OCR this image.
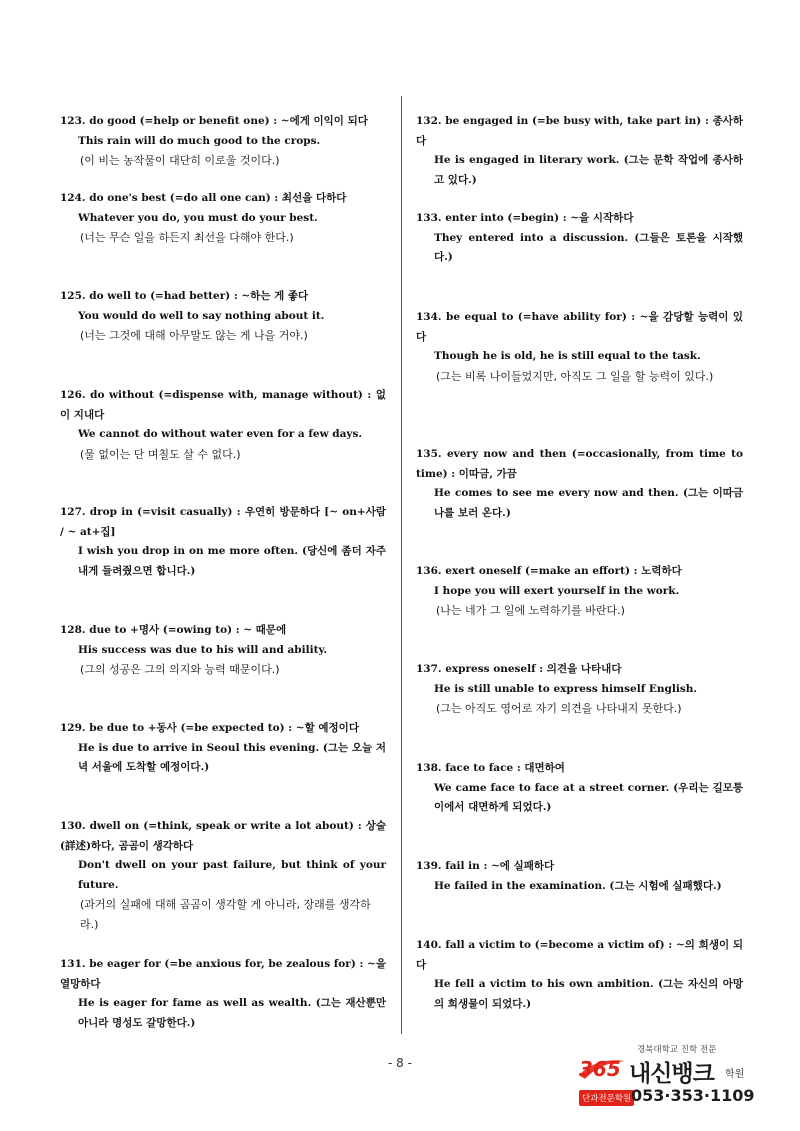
123. do good (=help or benefit one) : ~에게 이익이 되다

This rain will do much good to the crops.

(이 비는 농작물이 대단히 이로울 것이다.)

124. do one's best (=do all one can) : 최선을 다하다

Whatever you do, you must do your best.

(너는 무슨 일을 하든지 최선을 다해야 한다.)

125. do well to (=had better) : ~하는 게 좋다

You would do well to say nothing about it.

(너는 그것에 대해 아무말도 않는 게 나을 거야.)

126. do without (=dispense with, manage without) : 없이 지내다

We cannot do without water even for a few days.

(물 없이는 단 며칠도 살 수 없다.)

127. drop in (=visit casually) : 우연히 방문하다 [~ on+사람 / ~ at+집]

I wish you drop in on me more often. (당신에 좀더 자주 내게 들려줬으면 합니다.)

128. due to +명사 (=owing to) : ~ 때문에

His success was due to his will and ability.

(그의 성공은 그의 의지와 능력 때문이다.)

129. be due to +동사 (=be expected to) : ~할 예정이다

He is due to arrive in Seoul this evening. (그는 오늘 저녁 서울에 도착할 예정이다.)

130. dwell on (=think, speak or write a lot about) : 상술(詳述)하다, 곰곰이 생각하다

Don't dwell on your past failure, but think of your future.

(과거의 실패에 대해 곰곰이 생각할 게 아니라, 장래를 생각하라.)

131. be eager for (=be anxious for, be zealous for) : ~을 열망하다

He is eager for fame as well as wealth. (그는 재산뿐만 아니라 명성도 갈망한다.)

132. be engaged in (=be busy with, take part in) : 종사하다

He is engaged in literary work. (그는 문학 작업에 종사하고 있다.)

133. enter into (=begin) : ~을 시작하다

They entered into a discussion. (그들은 토론을 시작했다.)

134. be equal to (=have ability for) : ~을 감당할 능력이 있다

Though he is old, he is still equal to the task.

(그는 비록 나이들었지만, 아직도 그 일을 할 능력이 있다.)

135. every now and then (=occasionally, from time to time) : 이따금, 가끔

He comes to see me every now and then. (그는 이따금 나를 보러 온다.)

136. exert oneself (=make an effort) : 노력하다

I hope you will exert yourself in the work.

(나는 네가 그 일에 노력하기를 바란다.)

137. express oneself : 의견을 나타내다

He is still unable to express himself English.

(그는 아직도 영어로 자기 의견을 나타내지 못한다.)

138. face to face : 대면하여

We came face to face at a street corner. (우리는 길모퉁이에서 대면하게 되었다.)

139. fail in : ~에 실패하다

He failed in the examination. (그는 시험에 실패했다.)

140. fall a victim to (=become a victim of) : ~의 희생이 되다

He fell a victim to his own ambition. (그는 자신의 아망의 희생물이 되었다.)

- 8 -
경북대학교 진학 전문
365 내신뱅크 학원
단과전문학원 053·353·1109
